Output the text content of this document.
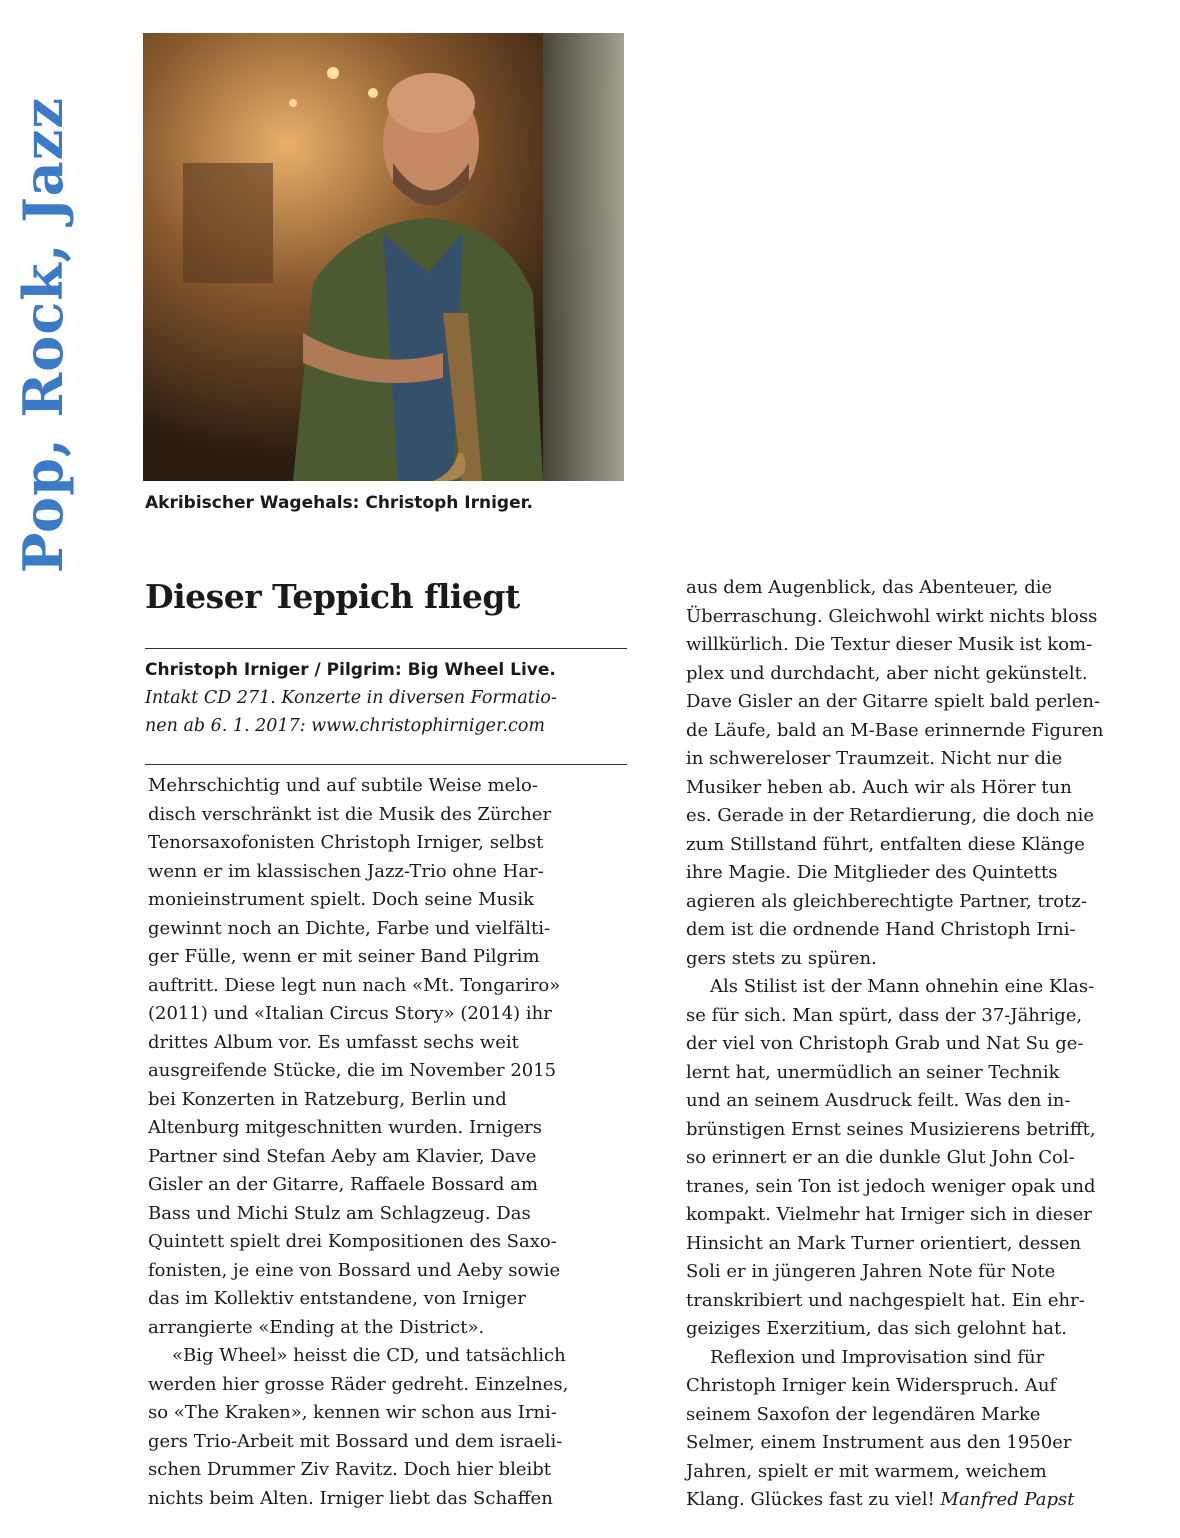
Pop, Rock, Jazz	Akribischer Wagehals: Christoph Irniger.
Dieser Teppich fliegt
Christoph Irniger / Pilgrim: Big Wheel Live.
Intakt CD 271. Konzerte in diversen Formatio-
nen ab 6. 1. 2017: www.christophirniger.com
Mehrschichtig und auf subtile Weise melo-
disch verschränkt ist die Musik des Zürcher
Tenorsaxofonisten Christoph Irniger, selbst
wenn er im klassischen Jazz-Trio ohne Har-
monieinstrument spielt. Doch seine Musik
gewinnt noch an Dichte, Farbe und vielfälti-
ger Fülle, wenn er mit seiner Band Pilgrim
auftritt. Diese legt nun nach «Mt. Tongariro»
(2011) und «Italian Circus Story» (2014) ihr
drittes Album vor. Es umfasst sechs weit
ausgreifende Stücke, die im November 2015
bei Konzerten in Ratzeburg, Berlin und
Altenburg mitgeschnitten wurden. Irnigers
Partner sind Stefan Aeby am Klavier, Dave
Gisler an der Gitarre, Raffaele Bossard am
Bass und Michi Stulz am Schlagzeug. Das
Quintett spielt drei Kompositionen des Saxo-
fonisten, je eine von Bossard und Aeby sowie
das im Kollektiv entstandene, von Irniger
arrangierte «Ending at the District».
«Big Wheel» heisst die CD, und tatsächlich
werden hier grosse Räder gedreht. Einzelnes,
so «The Kraken», kennen wir schon aus Irni-
gers Trio-Arbeit mit Bossard und dem israeli-
schen Drummer Ziv Ravitz. Doch hier bleibt
nichts beim Alten. Irniger liebt das Schaffen
aus dem Augenblick, das Abenteuer, die
Überraschung. Gleichwohl wirkt nichts bloss
willkürlich. Die Textur dieser Musik ist kom-
plex und durchdacht, aber nicht gekünstelt.
Dave Gisler an der Gitarre spielt bald perlen-
de Läufe, bald an M-Base erinnernde Figuren
in schwereloser Traumzeit. Nicht nur die
Musiker heben ab. Auch wir als Hörer tun
es. Gerade in der Retardierung, die doch nie
zum Stillstand führt, entfalten diese Klänge
ihre Magie. Die Mitglieder des Quintetts
agieren als gleichberechtigte Partner, trotz-
dem ist die ordnende Hand Christoph Irni-
gers stets zu spüren.
Als Stilist ist der Mann ohnehin eine Klas-
se für sich. Man spürt, dass der 37-Jährige,
der viel von Christoph Grab und Nat Su ge-
lernt hat, unermüdlich an seiner Technik
und an seinem Ausdruck feilt. Was den in-
brünstigen Ernst seines Musizierens betrifft,
so erinnert er an die dunkle Glut John Col-
tranes, sein Ton ist jedoch weniger opak und
kompakt. Vielmehr hat Irniger sich in dieser
Hinsicht an Mark Turner orientiert, dessen
Soli er in jüngeren Jahren Note für Note
transkribiert und nachgespielt hat. Ein ehr-
geiziges Exerzitium, das sich gelohnt hat.
Reflexion und Improvisation sind für
Christoph Irniger kein Widerspruch. Auf
seinem Saxofon der legendären Marke
Selmer, einem Instrument aus den 1950er
Jahren, spielt er mit warmem, weichem
Klang. Glückes fast zu viel! Manfred Papst
